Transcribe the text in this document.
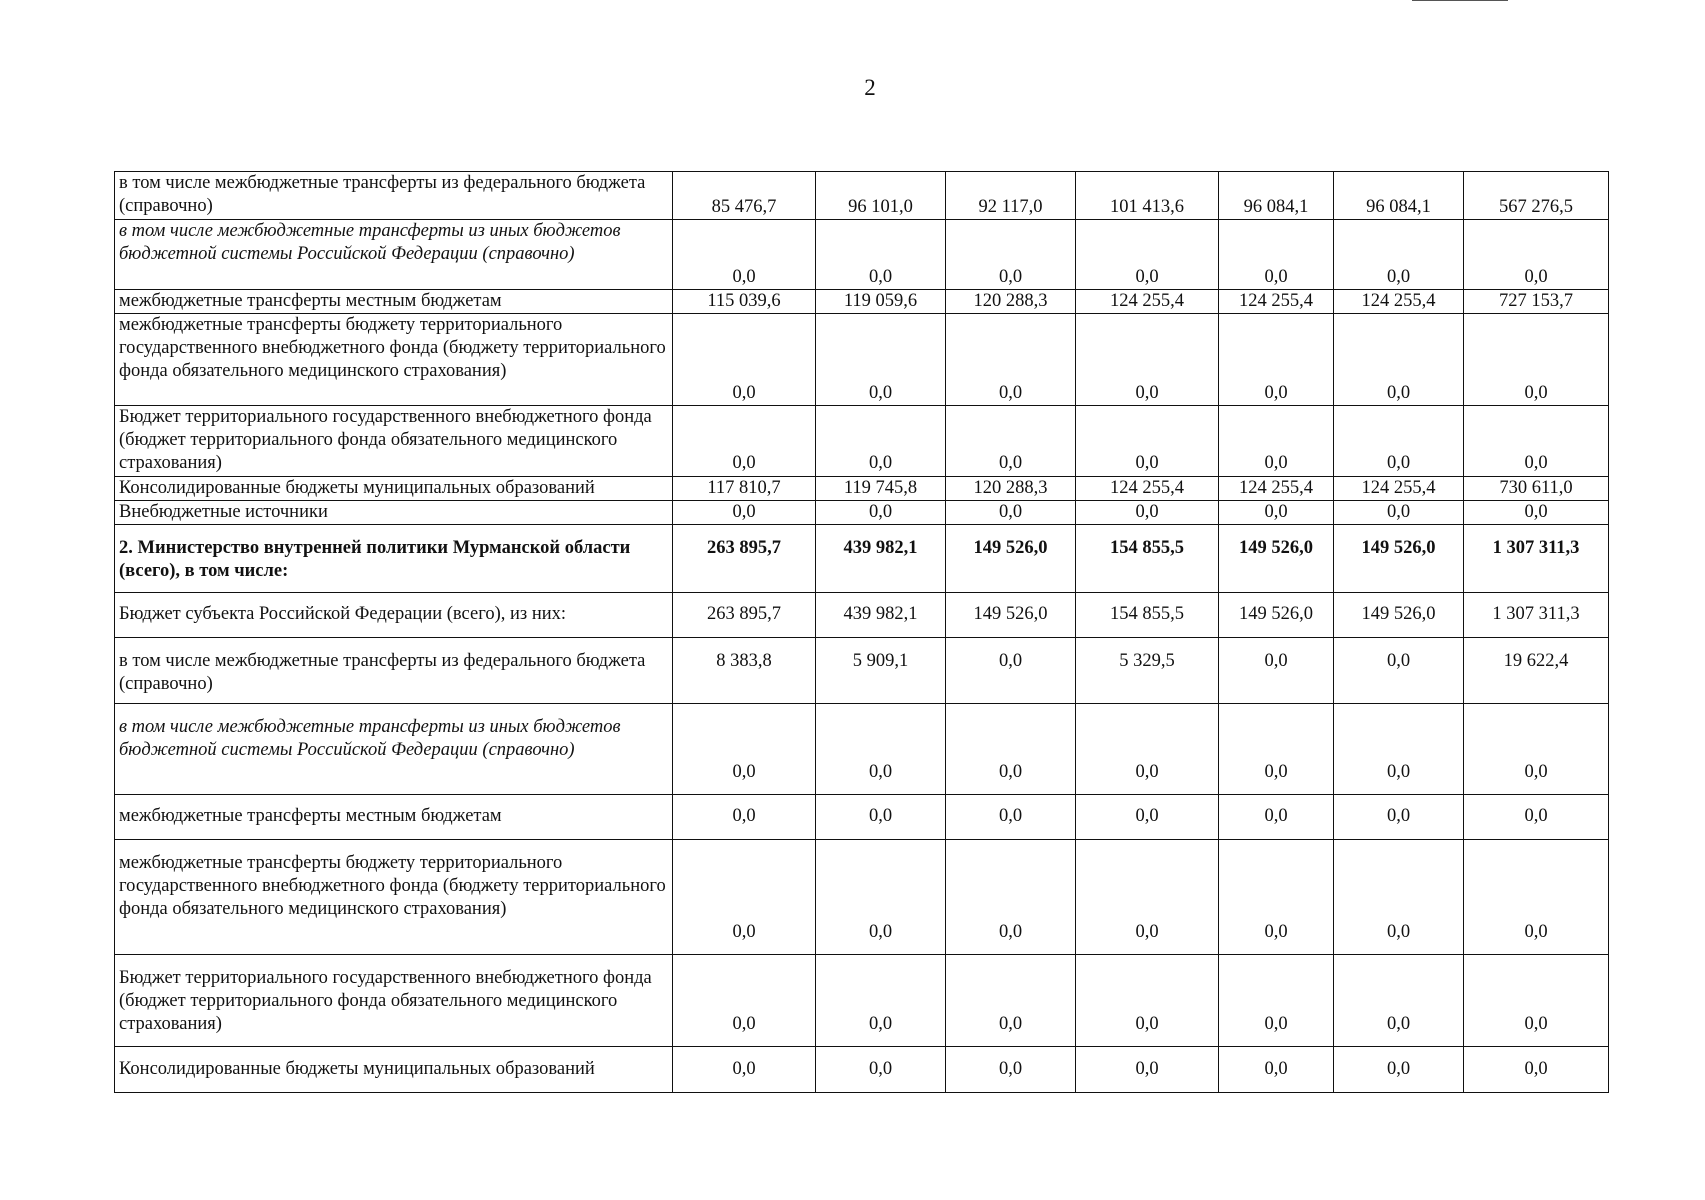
2
в том числе межбюджетные трансферты из федерального бюджета (справочно)	85 476,7	96 101,0	92 117,0	101 413,6	96 084,1	96 084,1	567 276,5
в том числе межбюджетные трансферты из иных бюджетов бюджетной системы Российской Федерации (справочно)	0,0	0,0	0,0	0,0	0,0	0,0	0,0
межбюджетные трансферты местным бюджетам	115 039,6	119 059,6	120 288,3	124 255,4	124 255,4	124 255,4	727 153,7
межбюджетные трансферты бюджету территориального государственного внебюджетного фонда (бюджету территориального фонда обязательного медицинского страхования)	0,0	0,0	0,0	0,0	0,0	0,0	0,0
Бюджет территориального государственного внебюджетного фонда (бюджет территориального фонда обязательного медицинского страхования)	0,0	0,0	0,0	0,0	0,0	0,0	0,0
Консолидированные бюджеты муниципальных образований	117 810,7	119 745,8	120 288,3	124 255,4	124 255,4	124 255,4	730 611,0
Внебюджетные источники	0,0	0,0	0,0	0,0	0,0	0,0	0,0
2. Министерство внутренней политики Мурманской области (всего), в том числе:	263 895,7	439 982,1	149 526,0	154 855,5	149 526,0	149 526,0	1 307 311,3
Бюджет субъекта Российской Федерации (всего), из них:	263 895,7	439 982,1	149 526,0	154 855,5	149 526,0	149 526,0	1 307 311,3
в том числе межбюджетные трансферты из федерального бюджета (справочно)	8 383,8	5 909,1	0,0	5 329,5	0,0	0,0	19 622,4
в том числе межбюджетные трансферты из иных бюджетов бюджетной системы Российской Федерации (справочно)	0,0	0,0	0,0	0,0	0,0	0,0	0,0
межбюджетные трансферты местным бюджетам	0,0	0,0	0,0	0,0	0,0	0,0	0,0
межбюджетные трансферты бюджету территориального государственного внебюджетного фонда (бюджету территориального фонда обязательного медицинского страхования)	0,0	0,0	0,0	0,0	0,0	0,0	0,0
Бюджет территориального государственного внебюджетного фонда (бюджет территориального фонда обязательного медицинского страхования)	0,0	0,0	0,0	0,0	0,0	0,0	0,0
Консолидированные бюджеты муниципальных образований	0,0	0,0	0,0	0,0	0,0	0,0	0,0
